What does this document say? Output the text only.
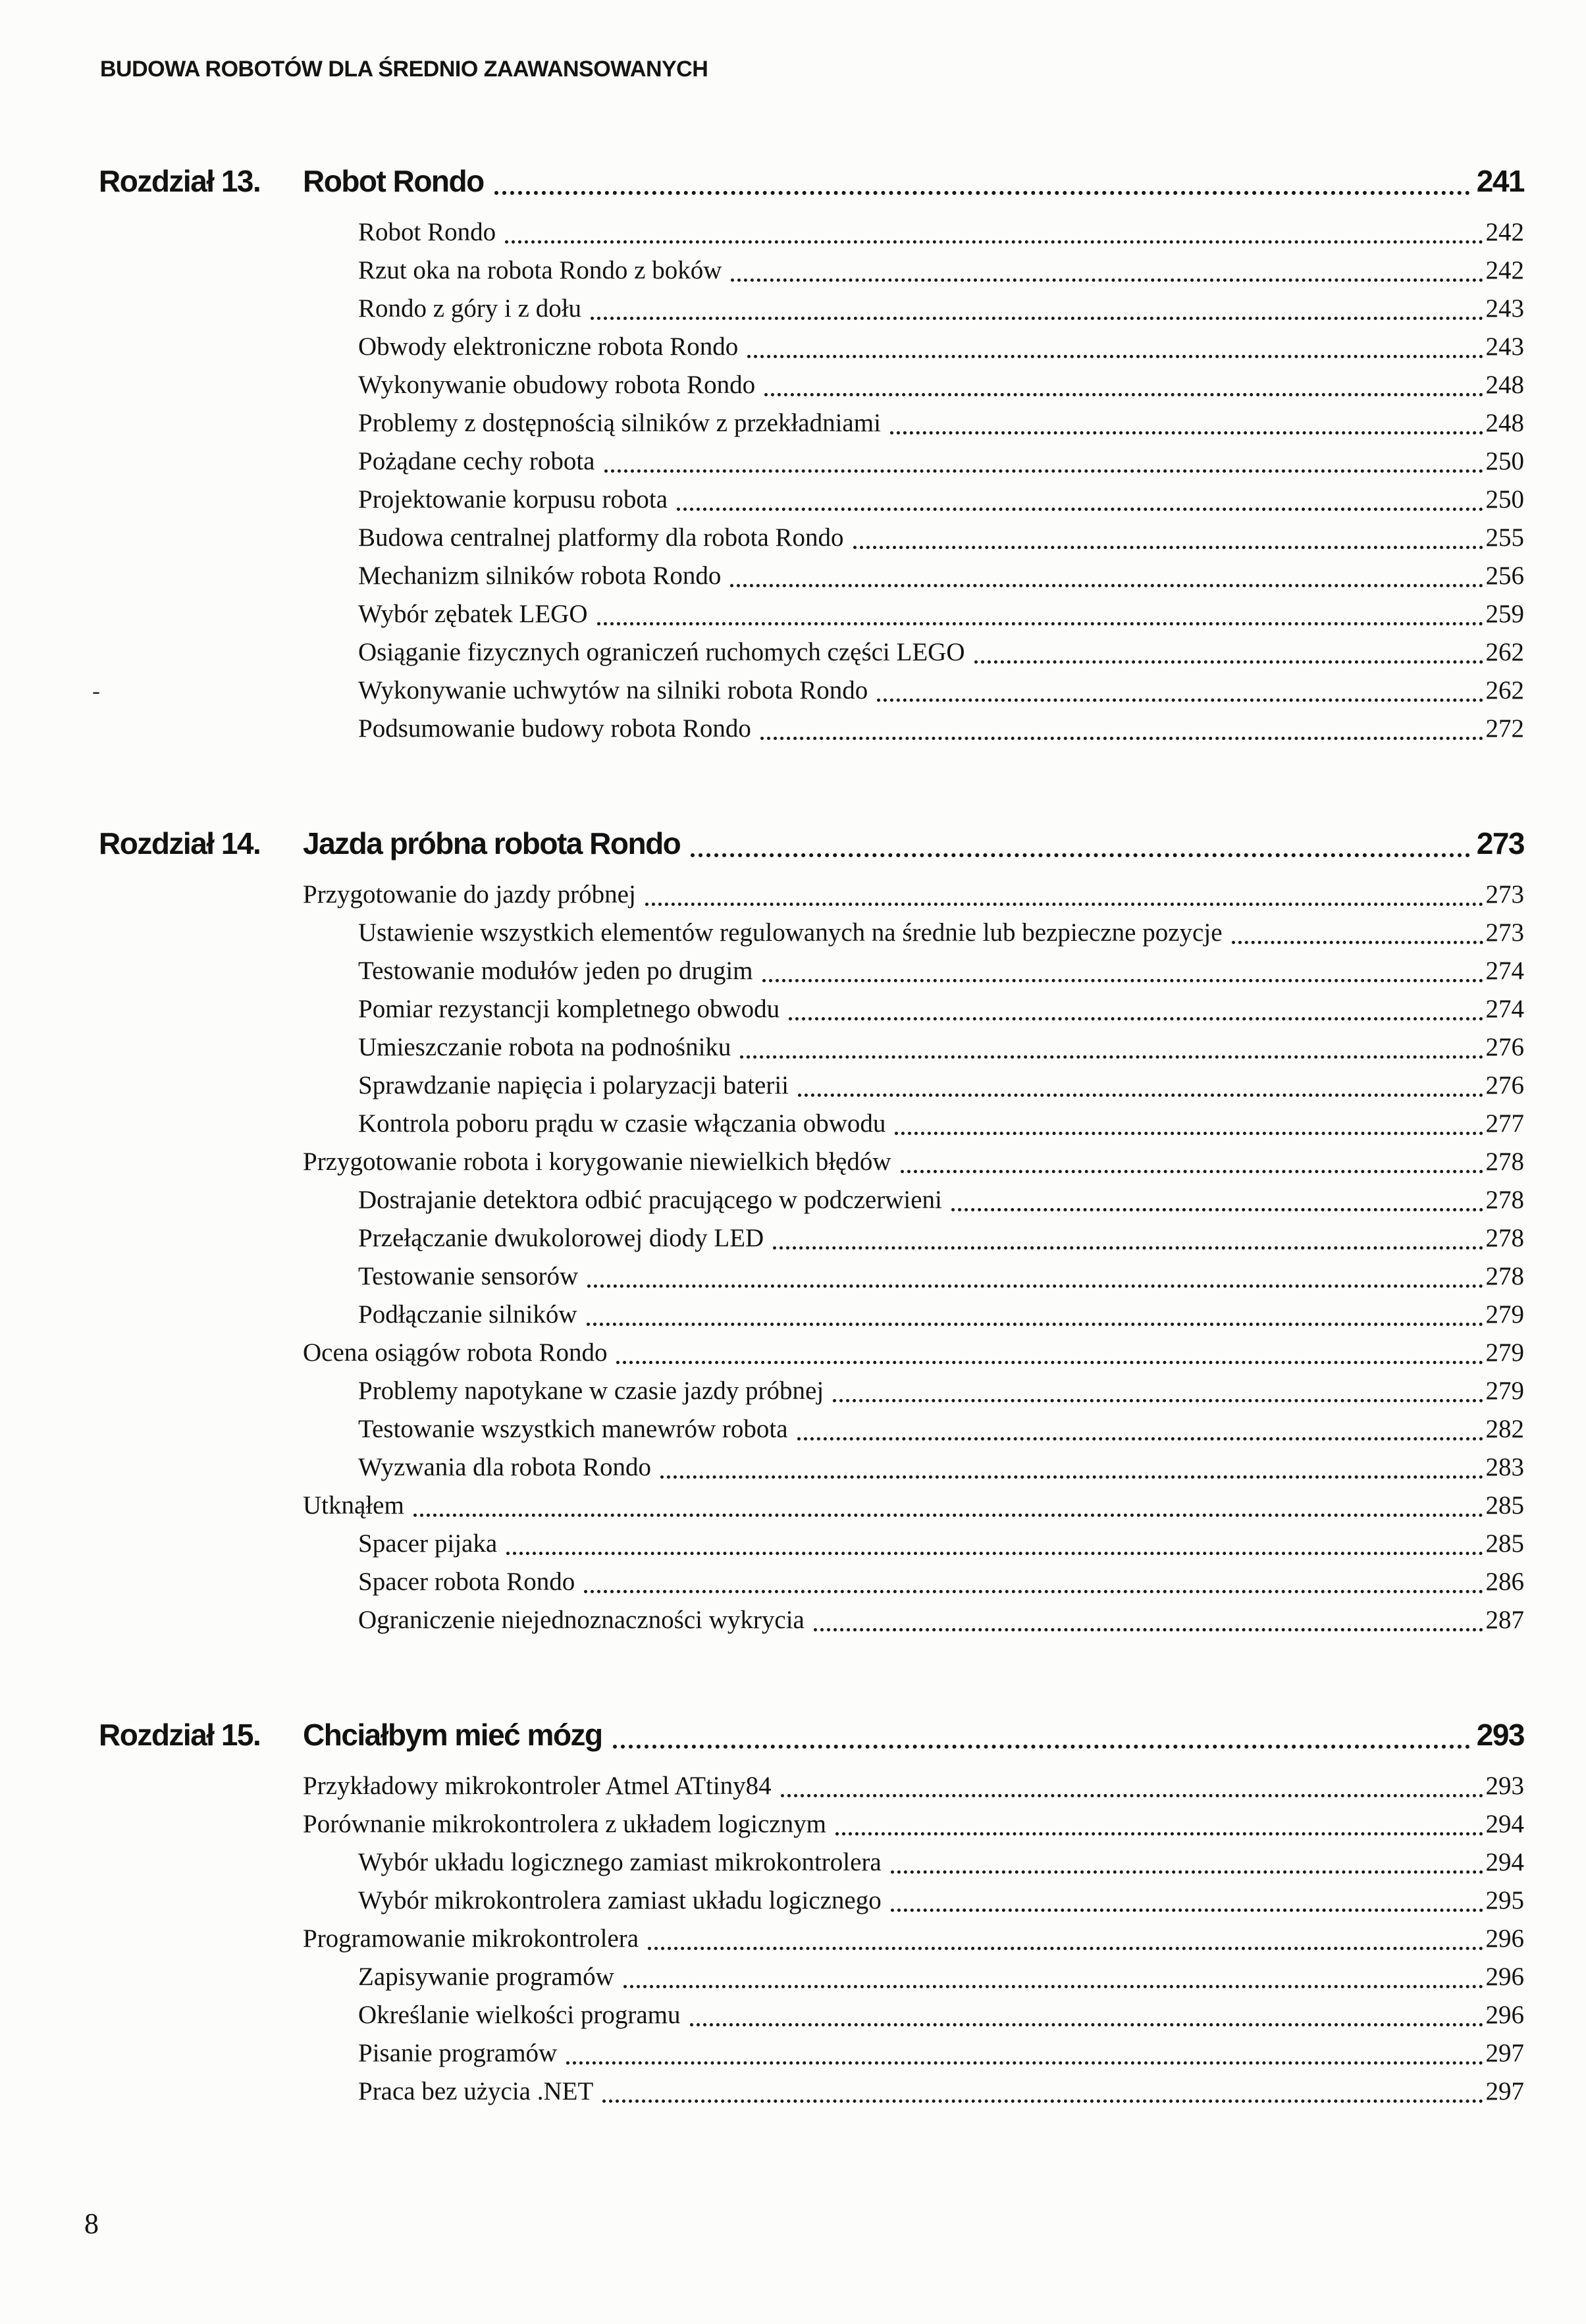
BUDOWA ROBOTÓW DLA ŚREDNIO ZAAWANSOWANYCH
Rozdział 13.	Robot Rondo	241
Robot Rondo	242
Rzut oka na robota Rondo z boków	242
Rondo z góry i z dołu	243
Obwody elektroniczne robota Rondo	243
Wykonywanie obudowy robota Rondo	248
Problemy z dostępnością silników z przekładniami	248
Pożądane cechy robota	250
Projektowanie korpusu robota	250
Budowa centralnej platformy dla robota Rondo	255
Mechanizm silników robota Rondo	256
Wybór zębatek LEGO	259
Osiąganie fizycznych ograniczeń ruchomych części LEGO	262
Wykonywanie uchwytów na silniki robota Rondo	262
Podsumowanie budowy robota Rondo	272
Rozdział 14.	Jazda próbna robota Rondo	273
Przygotowanie do jazdy próbnej	273
Ustawienie wszystkich elementów regulowanych na średnie lub bezpieczne pozycje	273
Testowanie modułów jeden po drugim	274
Pomiar rezystancji kompletnego obwodu	274
Umieszczanie robota na podnośniku	276
Sprawdzanie napięcia i polaryzacji baterii	276
Kontrola poboru prądu w czasie włączania obwodu	277
Przygotowanie robota i korygowanie niewielkich błędów	278
Dostrajanie detektora odbić pracującego w podczerwieni	278
Przełączanie dwukolorowej diody LED	278
Testowanie sensorów	278
Podłączanie silników	279
Ocena osiągów robota Rondo	279
Problemy napotykane w czasie jazdy próbnej	279
Testowanie wszystkich manewrów robota	282
Wyzwania dla robota Rondo	283
Utknąłem	285
Spacer pijaka	285
Spacer robota Rondo	286
Ograniczenie niejednoznaczności wykrycia	287
Rozdział 15.	Chciałbym mieć mózg	293
Przykładowy mikrokontroler Atmel ATtiny84	293
Porównanie mikrokontrolera z układem logicznym	294
Wybór układu logicznego zamiast mikrokontrolera	294
Wybór mikrokontrolera zamiast układu logicznego	295
Programowanie mikrokontrolera	296
Zapisywanie programów	296
Określanie wielkości programu	296
Pisanie programów	297
Praca bez użycia .NET	297
-
8
